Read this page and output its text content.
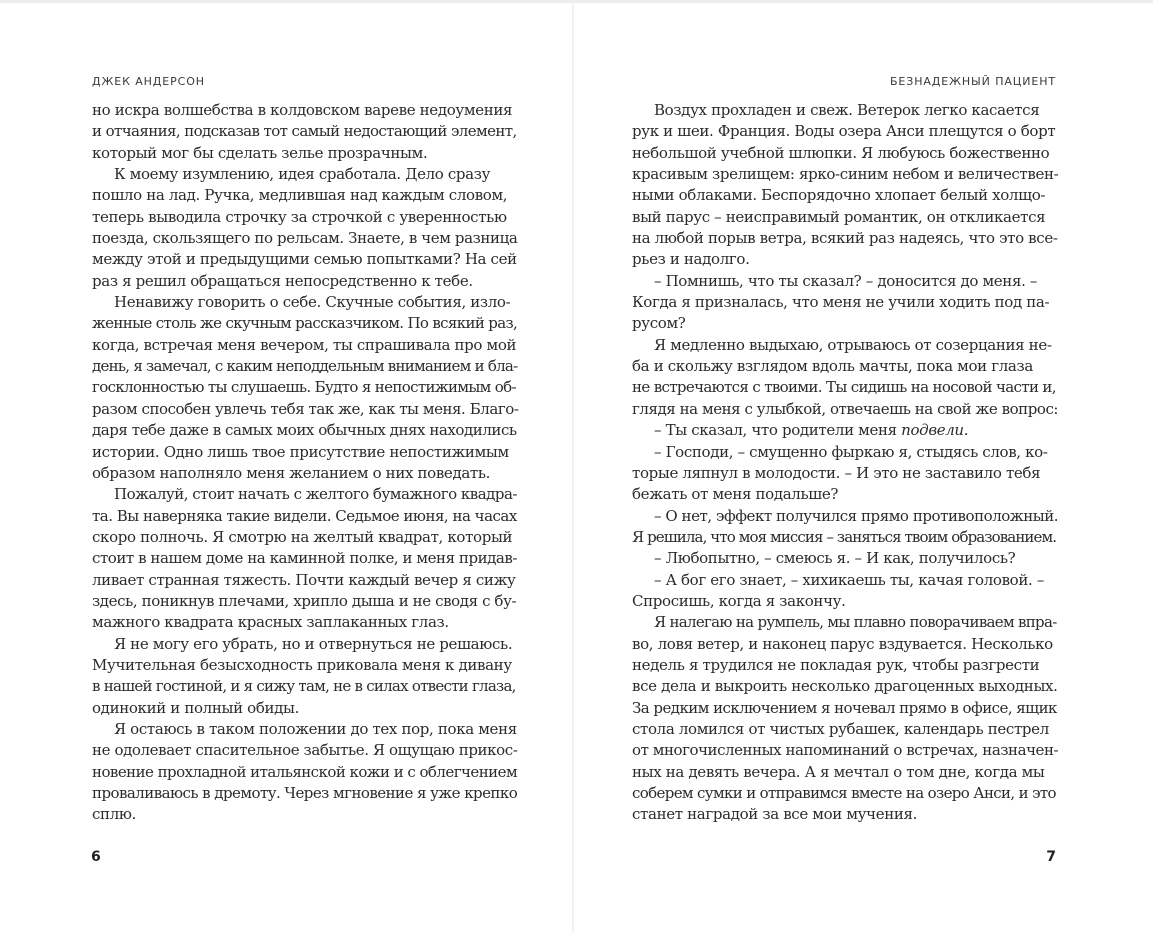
ДЖЕК АНДЕРСОН
но искра волшебства в колдовском вареве недоумения
и отчаяния, подсказав тот самый недостающий элемент,
который мог бы сделать зелье прозрачным.
К моему изумлению, идея сработала. Дело сразу
пошло на лад. Ручка, медлившая над каждым словом,
теперь выводила строчку за строчкой с уверенностью
поезда, скользящего по рельсам. Знаете, в чем разница
между этой и предыдущими семью попытками? На сей
раз я решил обращаться непосредственно к тебе.
Ненавижу говорить о себе. Скучные события, изло-
женные столь же скучным рассказчиком. По всякий раз,
когда, встречая меня вечером, ты спрашивала про мой
день, я замечал, с каким неподдельным вниманием и бла-
госклонностью ты слушаешь. Будто я непостижимым об-
разом способен увлечь тебя так же, как ты меня. Благо-
даря тебе даже в самых моих обычных днях находились
истории. Одно лишь твое присутствие непостижимым
образом наполняло меня желанием о них поведать.
Пожалуй, стоит начать с желтого бумажного квадра-
та. Вы наверняка такие видели. Седьмое июня, на часах
скоро полночь. Я смотрю на желтый квадрат, который
стоит в нашем доме на каминной полке, и меня придав-
ливает странная тяжесть. Почти каждый вечер я сижу
здесь, поникнув плечами, хрипло дыша и не сводя с бу-
мажного квадрата красных заплаканных глаз.
Я не могу его убрать, но и отвернуться не решаюсь.
Мучительная безысходность приковала меня к дивану
в нашей гостиной, и я сижу там, не в силах отвести глаза,
одинокий и полный обиды.
Я остаюсь в таком положении до тех пор, пока меня
не одолевает спасительное забытье. Я ощущаю прикос-
новение прохладной итальянской кожи и с облегчением
проваливаюсь в дремоту. Через мгновение я уже крепко
сплю.
6
БЕЗНАДЕЖНЫЙ ПАЦИЕНТ
Воздух прохладен и свеж. Ветерок легко касается
рук и шеи. Франция. Воды озера Анси плещутся о борт
небольшой учебной шлюпки. Я любуюсь божественно
красивым зрелищем: ярко-синим небом и величествен-
ными облаками. Беспорядочно хлопает белый холщо-
вый парус – неисправимый романтик, он откликается
на любой порыв ветра, всякий раз надеясь, что это все-
рьез и надолго.
– Помнишь, что ты сказал? – доносится до меня. –
Когда я призналась, что меня не учили ходить под па-
русом?
Я медленно выдыхаю, отрываюсь от созерцания не-
ба и скольжу взглядом вдоль мачты, пока мои глаза
не встречаются с твоими. Ты сидишь на носовой части и,
глядя на меня с улыбкой, отвечаешь на свой же вопрос:
– Ты сказал, что родители меня подвели.
– Господи, – смущенно фыркаю я, стыдясь слов, ко-
торые ляпнул в молодости. – И это не заставило тебя
бежать от меня подальше?
– О нет, эффект получился прямо противоположный.
Я решила, что моя миссия – заняться твоим образованием.
– Любопытно, – смеюсь я. – И как, получилось?
– А бог его знает, – хихикаешь ты, качая головой. –
Спросишь, когда я закончу.
Я налегаю на румпель, мы плавно поворачиваем впра-
во, ловя ветер, и наконец парус вздувается. Несколько
недель я трудился не покладая рук, чтобы разгрести
все дела и выкроить несколько драгоценных выходных.
За редким исключением я ночевал прямо в офисе, ящик
стола ломился от чистых рубашек, календарь пестрел
от многочисленных напоминаний о встречах, назначен-
ных на девять вечера. А я мечтал о том дне, когда мы
соберем сумки и отправимся вместе на озеро Анси, и это
станет наградой за все мои мучения.
7
